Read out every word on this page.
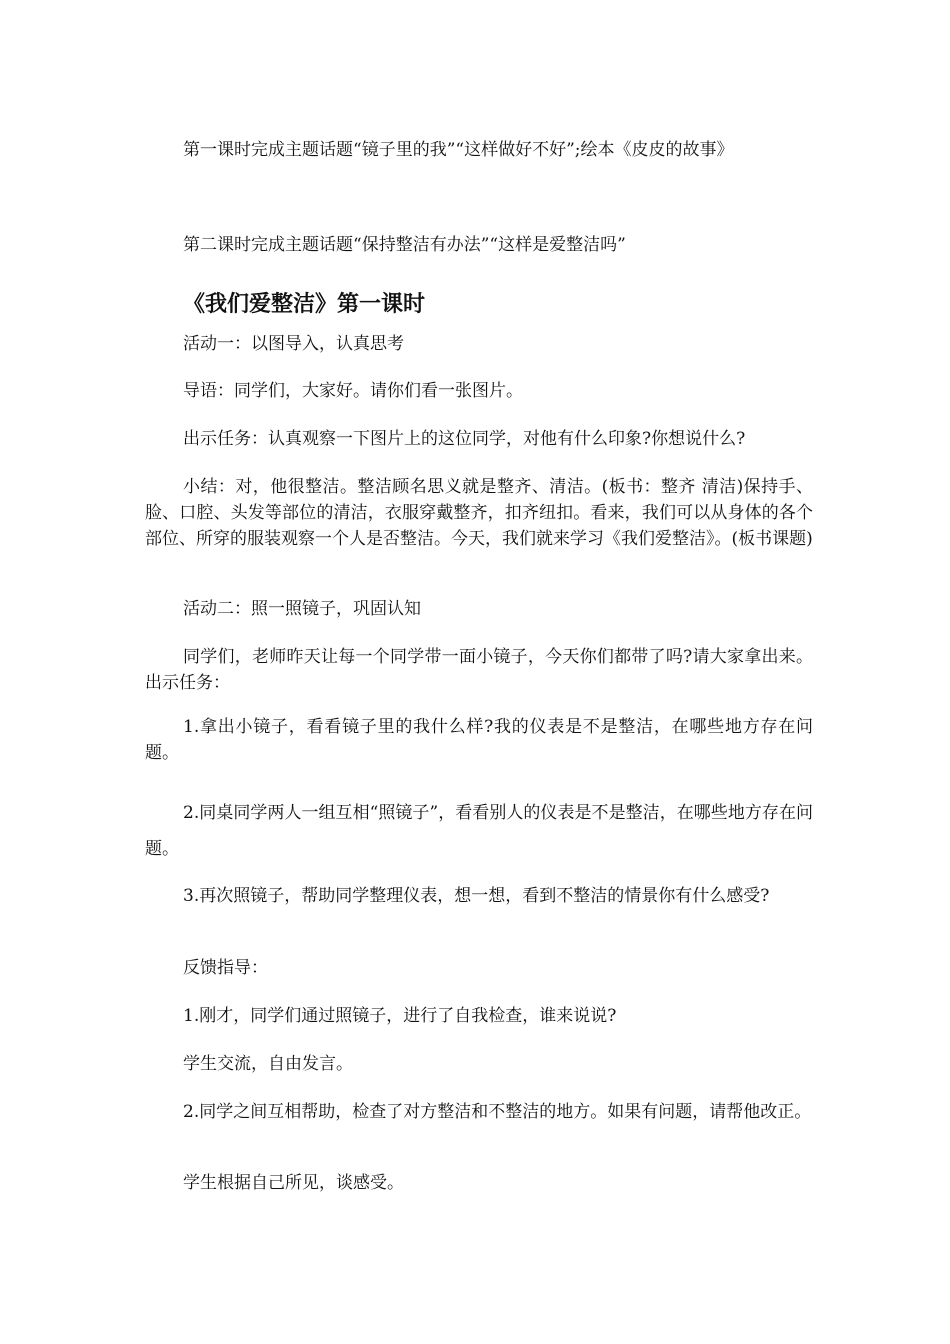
第一课时完成主题话题“镜子里的我”“这样做好不好”;绘本《皮皮的故事》

第二课时完成主题话题“保持整洁有办法”“这样是爱整洁吗”

《我们爱整洁》第一课时

活动一：以图导入，认真思考

导语：同学们，大家好。请你们看一张图片。

出示任务：认真观察一下图片上的这位同学，对他有什么印象?你想说什么?

小结：对，他很整洁。整洁顾名思义就是整齐、清洁。(板书：整齐 清洁)保持手、脸、口腔、头发等部位的清洁，衣服穿戴整齐，扣齐纽扣。看来，我们可以从身体的各个部位、所穿的服装观察一个人是否整洁。今天，我们就来学习《我们爱整洁》。(板书课题)

活动二：照一照镜子，巩固认知

同学们，老师昨天让每一个同学带一面小镜子，今天你们都带了吗?请大家拿出来。出示任务：

1.拿出小镜子，看看镜子里的我什么样?我的仪表是不是整洁，在哪些地方存在问题。

2.同桌同学两人一组互相“照镜子”，看看别人的仪表是不是整洁，在哪些地方存在问题。

3.再次照镜子，帮助同学整理仪表，想一想，看到不整洁的情景你有什么感受?

反馈指导：

1.刚才，同学们通过照镜子，进行了自我检查，谁来说说?

学生交流，自由发言。

2.同学之间互相帮助，检查了对方整洁和不整洁的地方。如果有问题，请帮他改正。

学生根据自己所见，谈感受。
